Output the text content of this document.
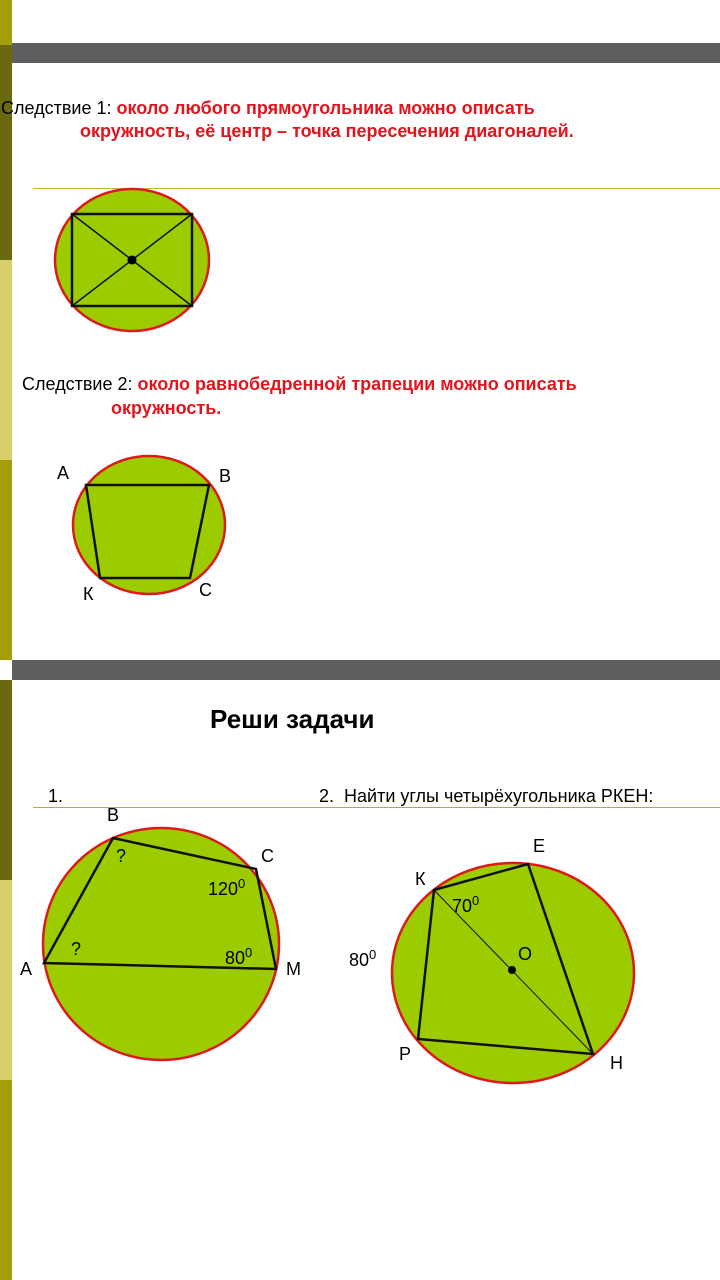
Следствие 1: около любого прямоугольника можно описать
окружность, её центр – точка пересечения диагоналей.
Следствие 2: около равнобедренной трапеции можно описать
окружность.
А	В
К	С
Реши задачи
1.	2.  Найти углы четырёхугольника РКЕН:
В
С
А	М
?
?
$120^0$
$80^0$
Е
К
О
Р	Н
$70^0$
$80^0$
